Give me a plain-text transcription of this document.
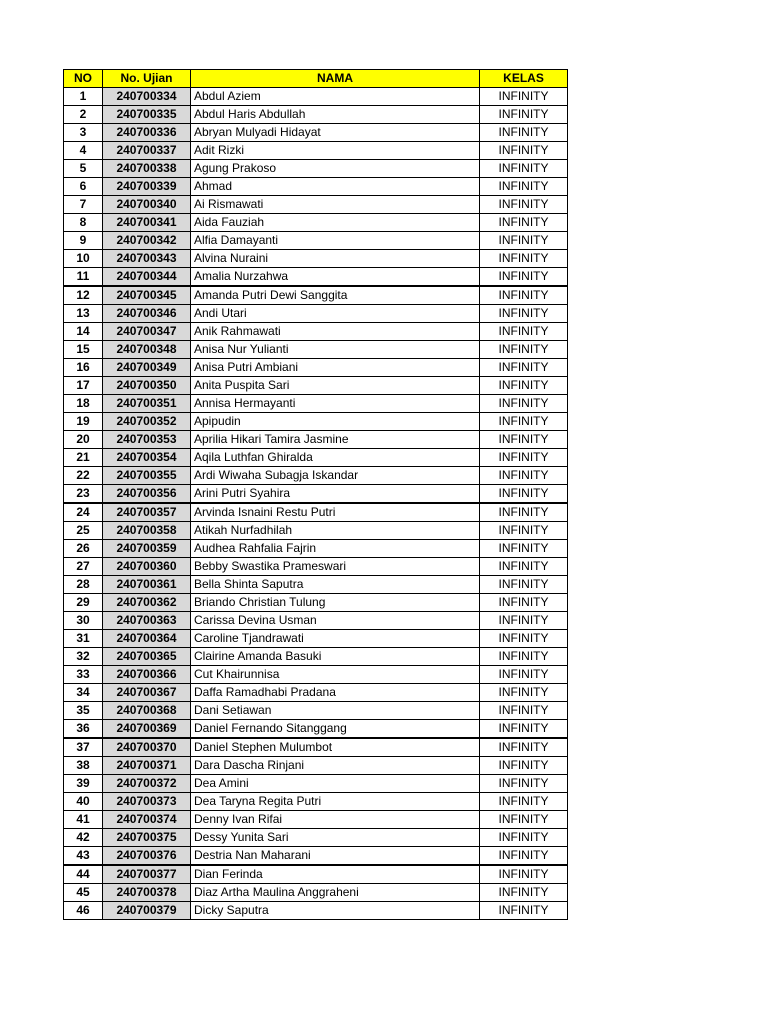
NO	No. Ujian	NAMA	KELAS
1	240700334	Abdul Aziem	INFINITY
2	240700335	Abdul Haris Abdullah	INFINITY
3	240700336	Abryan Mulyadi Hidayat	INFINITY
4	240700337	Adit Rizki	INFINITY
5	240700338	Agung Prakoso	INFINITY
6	240700339	Ahmad	INFINITY
7	240700340	Ai Rismawati	INFINITY
8	240700341	Aida Fauziah	INFINITY
9	240700342	Alfia Damayanti	INFINITY
10	240700343	Alvina Nuraini	INFINITY
11	240700344	Amalia Nurzahwa	INFINITY
12	240700345	Amanda Putri Dewi Sanggita	INFINITY
13	240700346	Andi Utari	INFINITY
14	240700347	Anik Rahmawati	INFINITY
15	240700348	Anisa Nur Yulianti	INFINITY
16	240700349	Anisa Putri Ambiani	INFINITY
17	240700350	Anita Puspita Sari	INFINITY
18	240700351	Annisa Hermayanti	INFINITY
19	240700352	Apipudin	INFINITY
20	240700353	Aprilia Hikari Tamira Jasmine	INFINITY
21	240700354	Aqila Luthfan Ghiralda	INFINITY
22	240700355	Ardi Wiwaha Subagja Iskandar	INFINITY
23	240700356	Arini Putri Syahira	INFINITY
24	240700357	Arvinda Isnaini Restu Putri	INFINITY
25	240700358	Atikah Nurfadhilah	INFINITY
26	240700359	Audhea Rahfalia Fajrin	INFINITY
27	240700360	Bebby Swastika Prameswari	INFINITY
28	240700361	Bella Shinta Saputra	INFINITY
29	240700362	Briando Christian Tulung	INFINITY
30	240700363	Carissa Devina Usman	INFINITY
31	240700364	Caroline Tjandrawati	INFINITY
32	240700365	Clairine Amanda Basuki	INFINITY
33	240700366	Cut Khairunnisa	INFINITY
34	240700367	Daffa Ramadhabi Pradana	INFINITY
35	240700368	Dani Setiawan	INFINITY
36	240700369	Daniel Fernando Sitanggang	INFINITY
37	240700370	Daniel Stephen Mulumbot	INFINITY
38	240700371	Dara Dascha Rinjani	INFINITY
39	240700372	Dea Amini	INFINITY
40	240700373	Dea Taryna Regita Putri	INFINITY
41	240700374	Denny Ivan Rifai	INFINITY
42	240700375	Dessy Yunita Sari	INFINITY
43	240700376	Destria Nan Maharani	INFINITY
44	240700377	Dian Ferinda	INFINITY
45	240700378	Diaz Artha Maulina Anggraheni	INFINITY
46	240700379	Dicky Saputra	INFINITY
